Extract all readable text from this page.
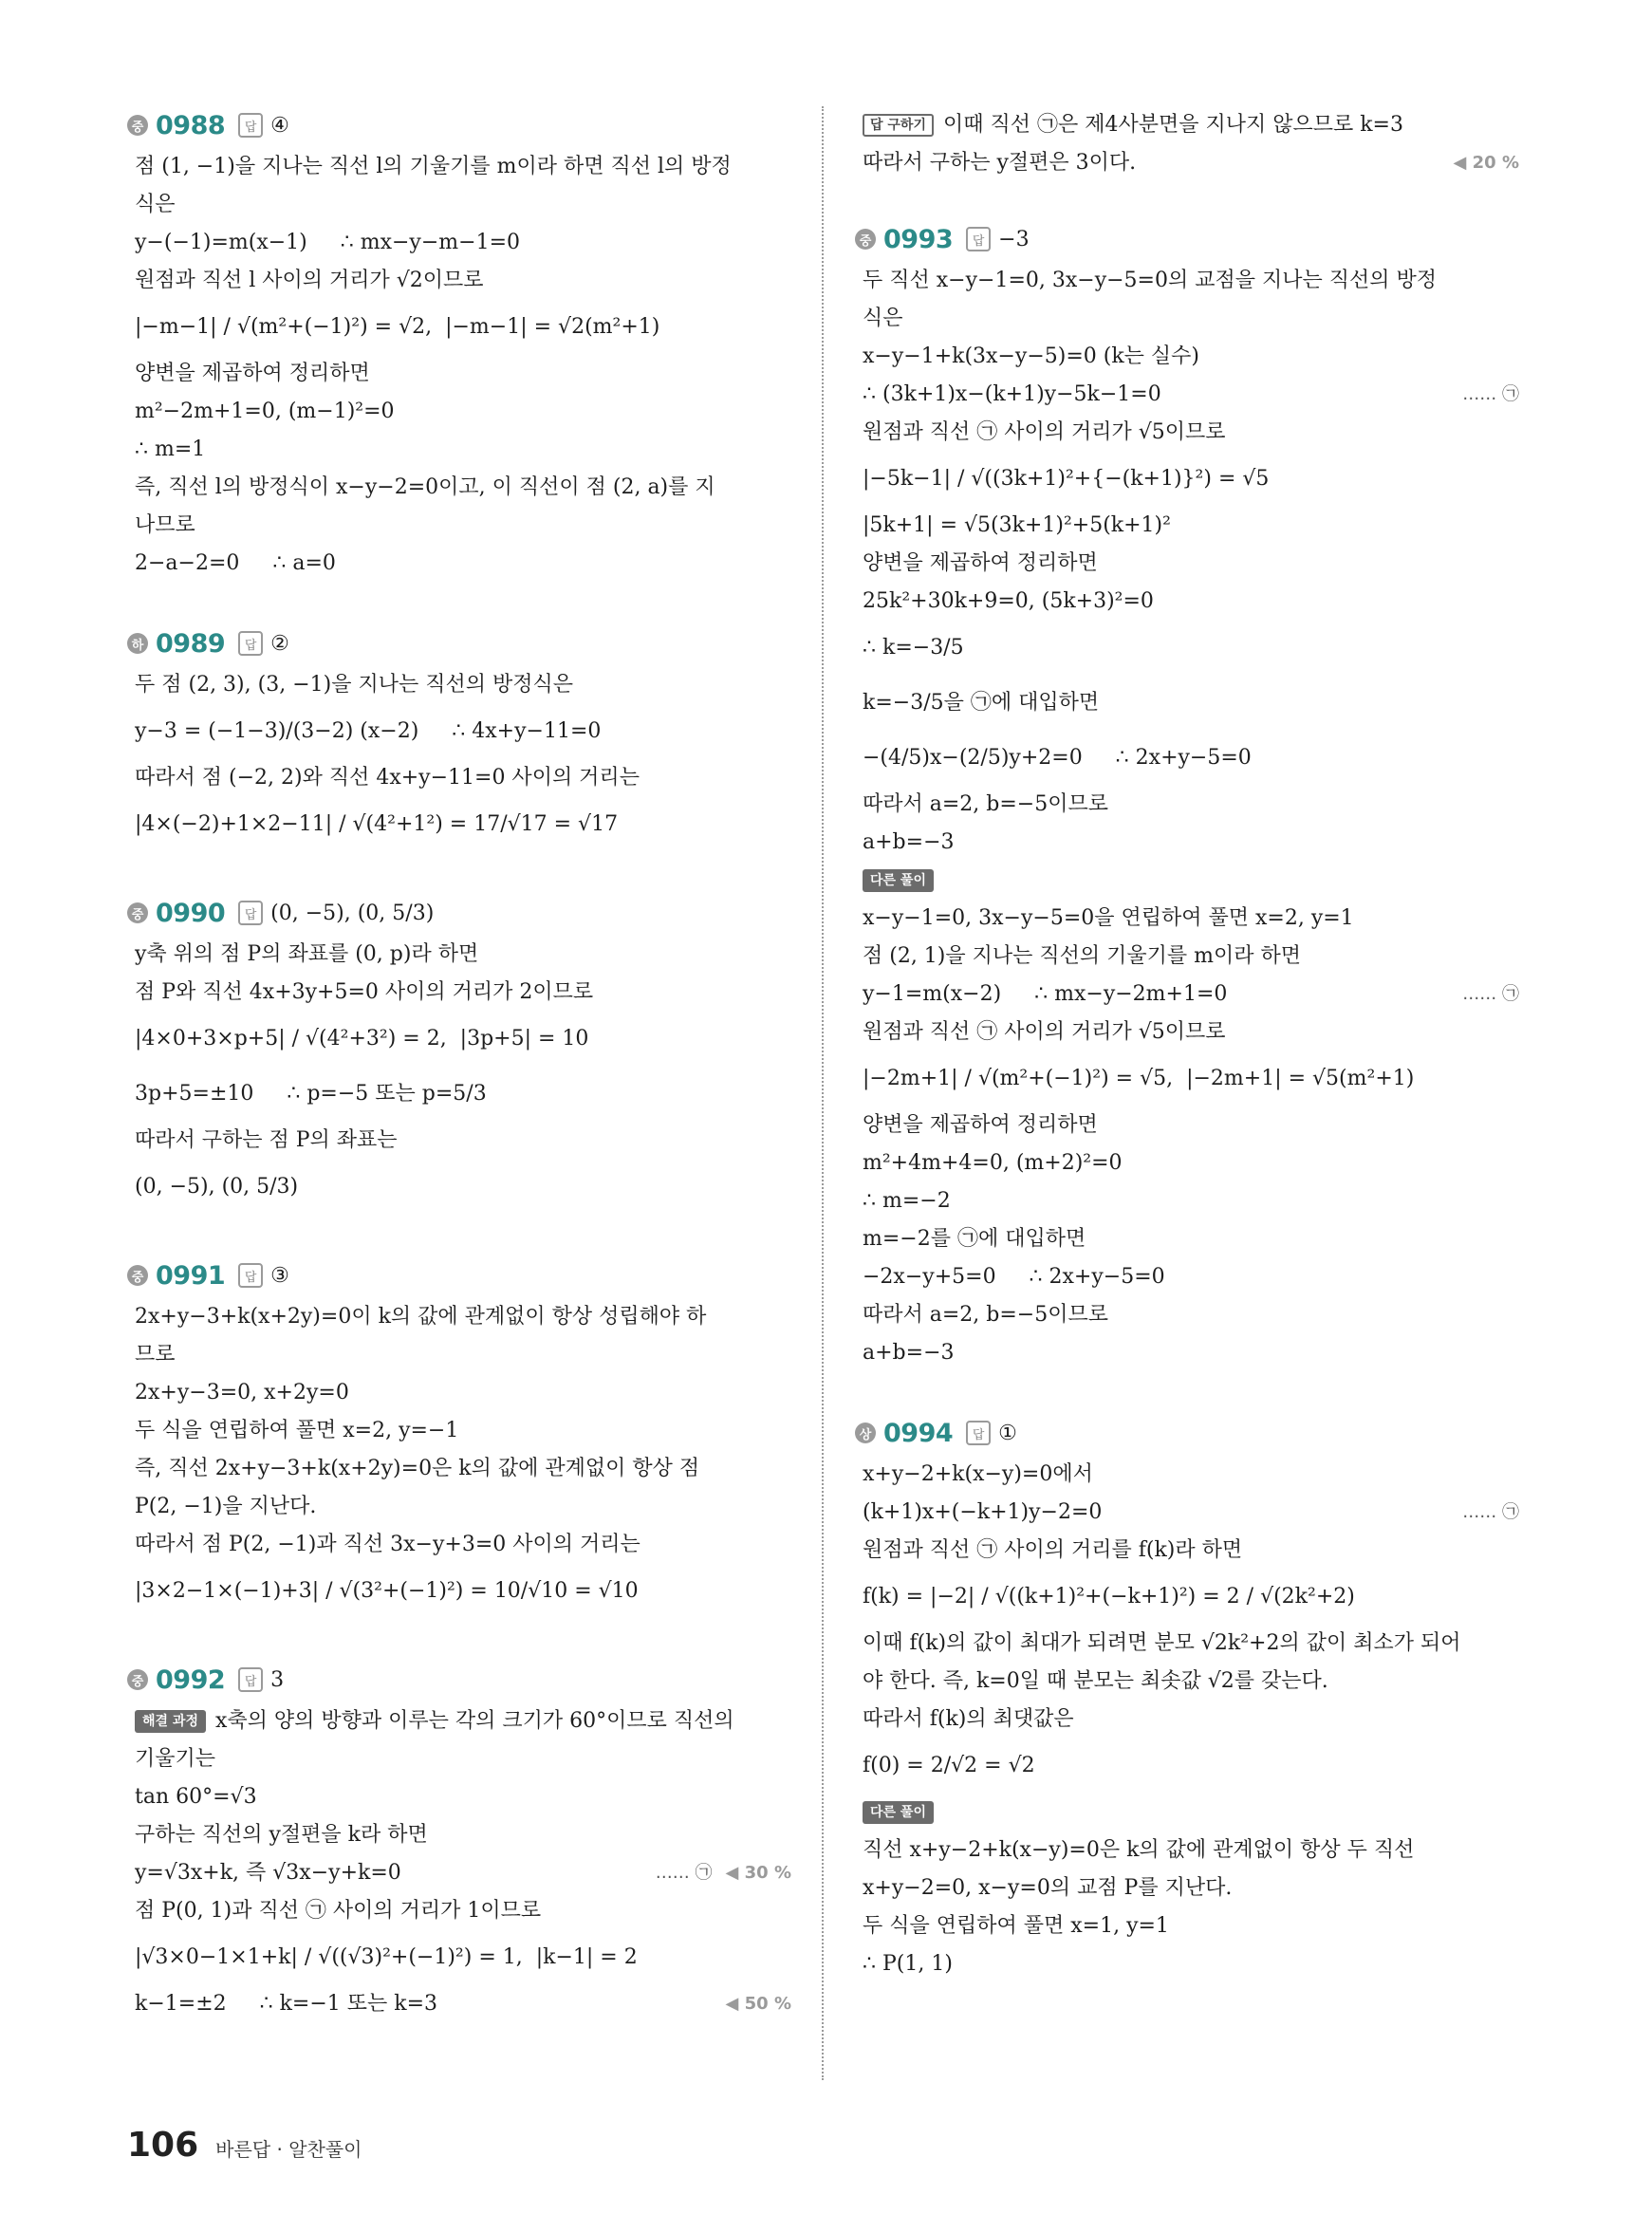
중 0988	답 ④
점 (1, −1)을 지나는 직선 l의 기울기를 m이라 하면 직선 l의 방정
식은
y−(−1)=m(x−1)     ∴ mx−y−m−1=0
원점과 직선 l 사이의 거리가 √2이므로
|−m−1| / √(m²+(−1)²) = √2,  |−m−1| = √2(m²+1)
양변을 제곱하여 정리하면
m²−2m+1=0, (m−1)²=0
∴ m=1
즉, 직선 l의 방정식이 x−y−2=0이고, 이 직선이 점 (2, a)를 지
나므로
2−a−2=0     ∴ a=0
하 0989	답 ②
두 점 (2, 3), (3, −1)을 지나는 직선의 방정식은
y−3 = (−1−3)/(3−2) (x−2)     ∴ 4x+y−11=0
따라서 점 (−2, 2)와 직선 4x+y−11=0 사이의 거리는
|4×(−2)+1×2−11| / √(4²+1²) = 17/√17 = √17
중 0990	답 (0, −5), (0, 5/3)
y축 위의 점 P의 좌표를 (0, p)라 하면
점 P와 직선 4x+3y+5=0 사이의 거리가 2이므로
|4×0+3×p+5| / √(4²+3²) = 2,  |3p+5| = 10
3p+5=±10     ∴ p=−5 또는 p=5/3
따라서 구하는 점 P의 좌표는
(0, −5), (0, 5/3)
중 0991	답 ③
2x+y−3+k(x+2y)=0이 k의 값에 관계없이 항상 성립해야 하
므로
2x+y−3=0, x+2y=0
두 식을 연립하여 풀면 x=2, y=−1
즉, 직선 2x+y−3+k(x+2y)=0은 k의 값에 관계없이 항상 점
P(2, −1)을 지난다.
따라서 점 P(2, −1)과 직선 3x−y+3=0 사이의 거리는
|3×2−1×(−1)+3| / √(3²+(−1)²) = 10/√10 = √10
중 0992	답 3
해결 과정 x축의 양의 방향과 이루는 각의 크기가 60°이므로 직선의
기울기는
tan 60°=√3
구하는 직선의 y절편을 k라 하면
y=√3x+k, 즉 √3x−y+k=0	…… ㉠ ◀ 30 %
점 P(0, 1)과 직선 ㉠ 사이의 거리가 1이므로
|√3×0−1×1+k| / √((√3)²+(−1)²) = 1,  |k−1| = 2
k−1=±2     ∴ k=−1 또는 k=3	◀ 50 %
답 구하기 이때 직선 ㉠은 제4사분면을 지나지 않으므로 k=3
따라서 구하는 y절편은 3이다.	◀ 20 %
중 0993	답 −3
두 직선 x−y−1=0, 3x−y−5=0의 교점을 지나는 직선의 방정
식은
x−y−1+k(3x−y−5)=0 (k는 실수)
∴ (3k+1)x−(k+1)y−5k−1=0	…… ㉠
원점과 직선 ㉠ 사이의 거리가 √5이므로
|−5k−1| / √((3k+1)²+{−(k+1)}²) = √5
|5k+1| = √5(3k+1)²+5(k+1)²
양변을 제곱하여 정리하면
25k²+30k+9=0, (5k+3)²=0
∴ k=−3/5
k=−3/5을 ㉠에 대입하면
−(4/5)x−(2/5)y+2=0     ∴ 2x+y−5=0
따라서 a=2, b=−5이므로
a+b=−3
다른 풀이
x−y−1=0, 3x−y−5=0을 연립하여 풀면 x=2, y=1
점 (2, 1)을 지나는 직선의 기울기를 m이라 하면
y−1=m(x−2)     ∴ mx−y−2m+1=0	…… ㉠
원점과 직선 ㉠ 사이의 거리가 √5이므로
|−2m+1| / √(m²+(−1)²) = √5,  |−2m+1| = √5(m²+1)
양변을 제곱하여 정리하면
m²+4m+4=0, (m+2)²=0
∴ m=−2
m=−2를 ㉠에 대입하면
−2x−y+5=0     ∴ 2x+y−5=0
따라서 a=2, b=−5이므로
a+b=−3
상 0994	답 ①
x+y−2+k(x−y)=0에서
(k+1)x+(−k+1)y−2=0	…… ㉠
원점과 직선 ㉠ 사이의 거리를 f(k)라 하면
f(k) = |−2| / √((k+1)²+(−k+1)²) = 2 / √(2k²+2)
이때 f(k)의 값이 최대가 되려면 분모 √2k²+2의 값이 최소가 되어
야 한다. 즉, k=0일 때 분모는 최솟값 √2를 갖는다.
따라서 f(k)의 최댓값은
f(0) = 2/√2 = √2
다른 풀이
직선 x+y−2+k(x−y)=0은 k의 값에 관계없이 항상 두 직선
x+y−2=0, x−y=0의 교점 P를 지난다.
두 식을 연립하여 풀면 x=1, y=1
∴ P(1, 1)
106 바른답 · 알찬풀이
